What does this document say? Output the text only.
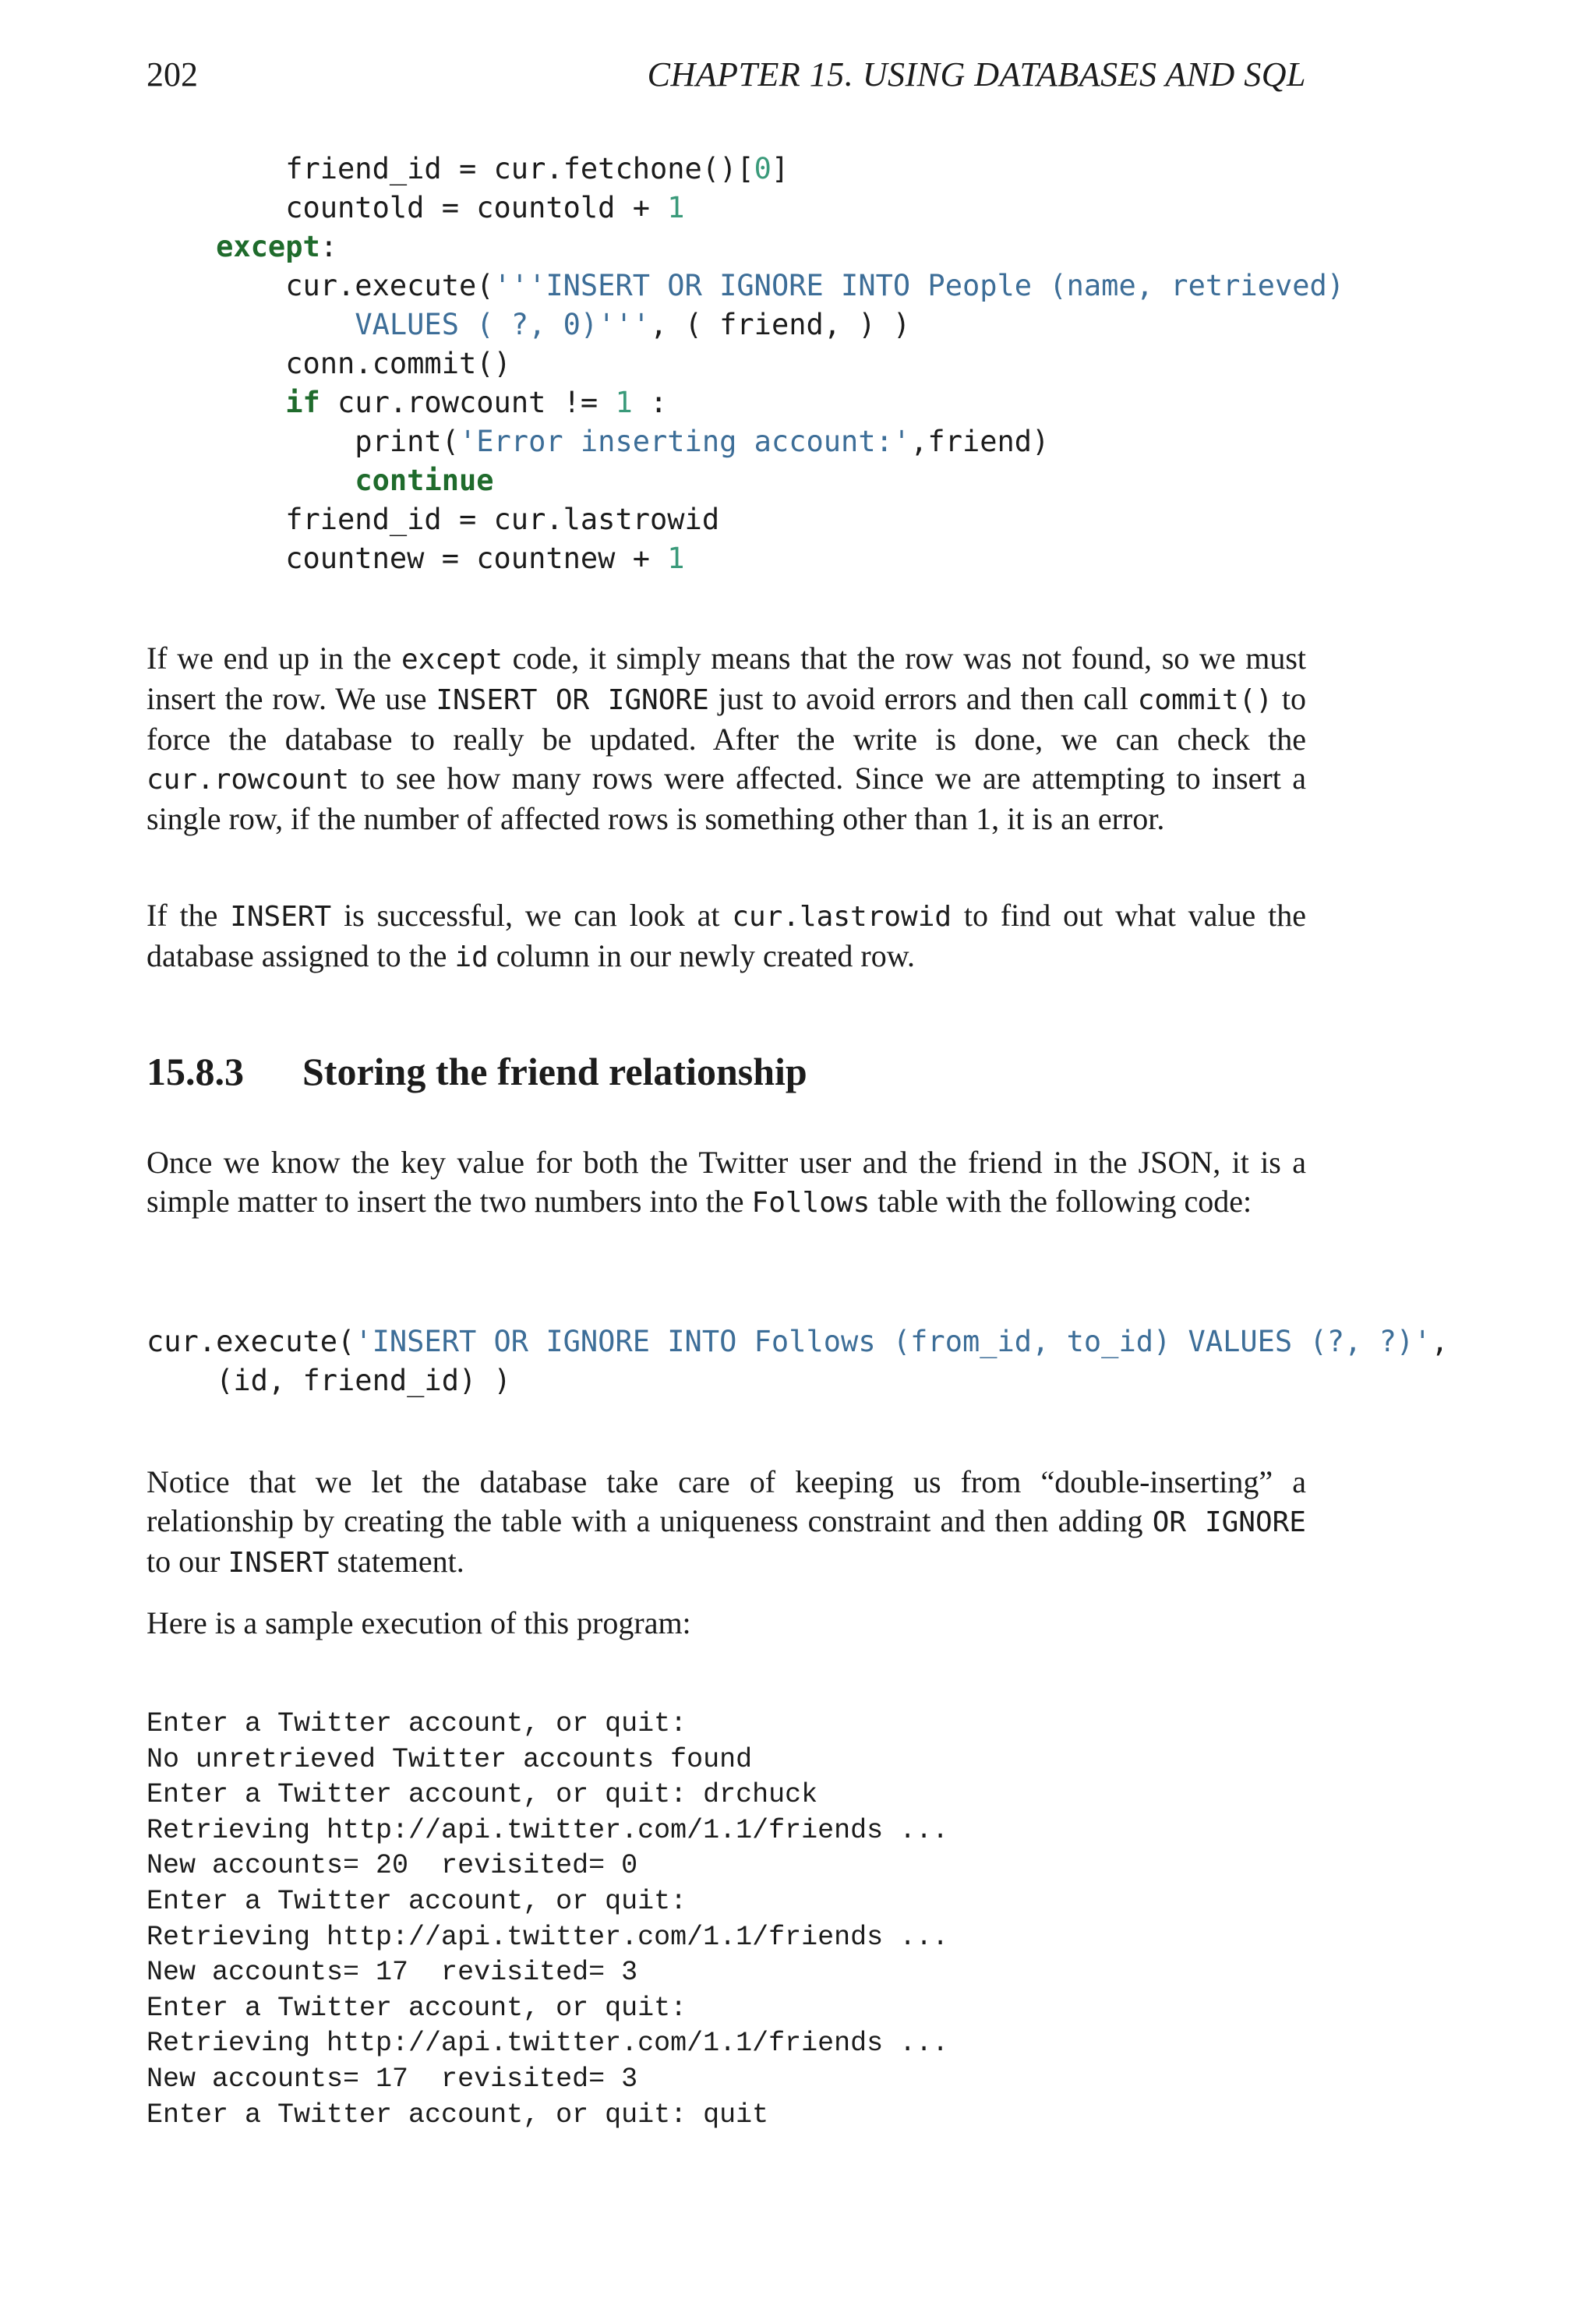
202	CHAPTER 15. USING DATABASES AND SQL
friend_id = cur.fetchone()[0]
countold = countold + 1
except:
cur.execute('''INSERT OR IGNORE INTO People (name, retrieved)
VALUES ( ?, 0)''', ( friend, ) )
conn.commit()
if cur.rowcount != 1 :
print('Error inserting account:',friend)
continue
friend_id = cur.lastrowid
countnew = countnew + 1

If we end up in the except code, it simply means that the row was not found, so we must insert the row. We use INSERT OR IGNORE just to avoid errors and then call commit() to force the database to really be updated. After the write is done, we can check the cur.rowcount to see how many rows were affected. Since we are attempting to insert a single row, if the number of affected rows is something other than 1, it is an error.

If the INSERT is successful, we can look at cur.lastrowid to find out what value the database assigned to the id column in our newly created row.

15.8.3 Storing the friend relationship

Once we know the key value for both the Twitter user and the friend in the JSON, it is a simple matter to insert the two numbers into the Follows table with the following code:

cur.execute('INSERT OR IGNORE INTO Follows (from_id, to_id) VALUES (?, ?)',
(id, friend_id) )

Notice that we let the database take care of keeping us from “double-inserting” a relationship by creating the table with a uniqueness constraint and then adding OR IGNORE to our INSERT statement.

Here is a sample execution of this program:

Enter a Twitter account, or quit:
No unretrieved Twitter accounts found
Enter a Twitter account, or quit: drchuck
Retrieving http://api.twitter.com/1.1/friends ...
New accounts= 20  revisited= 0
Enter a Twitter account, or quit:
Retrieving http://api.twitter.com/1.1/friends ...
New accounts= 17  revisited= 3
Enter a Twitter account, or quit:
Retrieving http://api.twitter.com/1.1/friends ...
New accounts= 17  revisited= 3
Enter a Twitter account, or quit: quit
